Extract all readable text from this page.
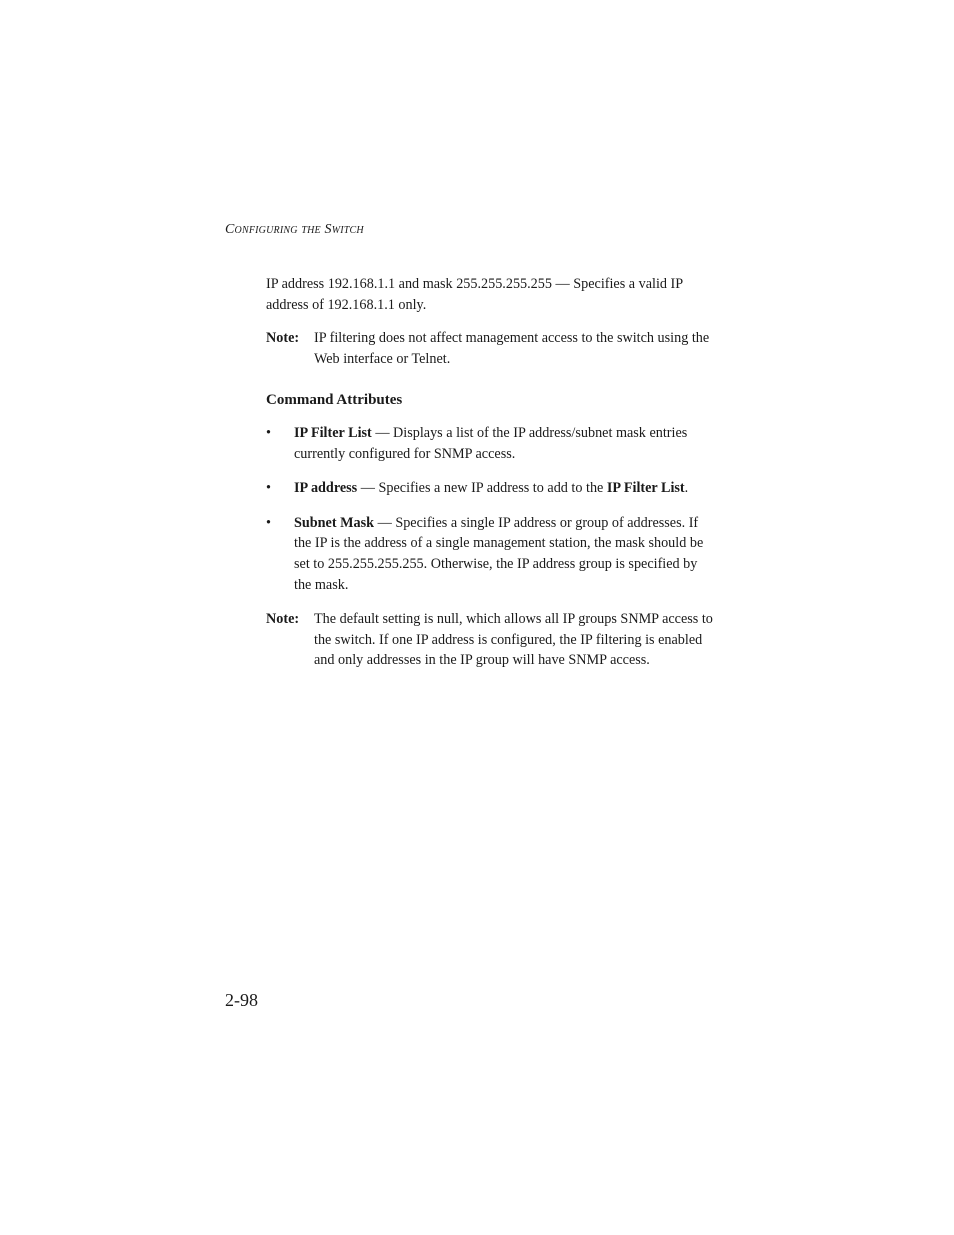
Configuring the Switch

IP address 192.168.1.1 and mask 255.255.255.255 — Specifies a valid IP address of 192.168.1.1 only.

Note:	IP filtering does not affect management access to the switch using the Web interface or Telnet.

Command Attributes

•	IP Filter List — Displays a list of the IP address/subnet mask entries currently configured for SNMP access.
•	IP address — Specifies a new IP address to add to the IP Filter List.
•	Subnet Mask — Specifies a single IP address or group of addresses. If the IP is the address of a single management station, the mask should be set to 255.255.255.255. Otherwise, the IP address group is specified by the mask.
Note:	The default setting is null, which allows all IP groups SNMP access to the switch. If one IP address is configured, the IP filtering is enabled and only addresses in the IP group will have SNMP access.
2-98
